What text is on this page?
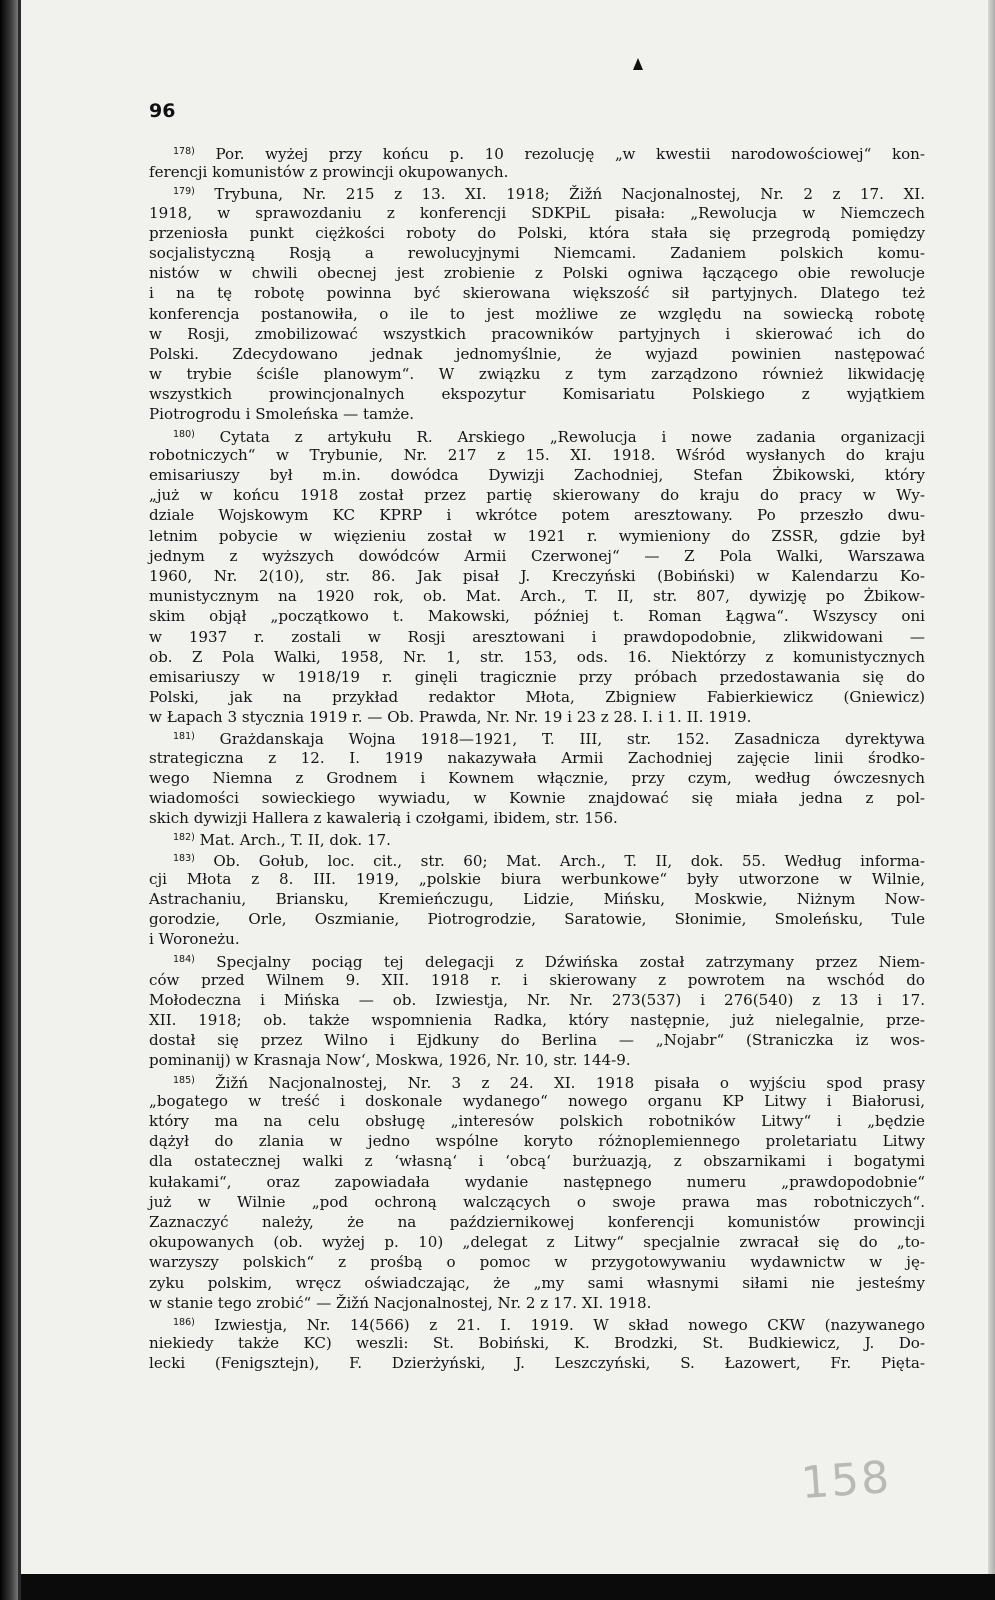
96
$^{178)}$ Por. wyżej przy końcu p. 10 rezolucję „w kwestii narodowościowej“ kon-
ferencji komunistów z prowincji okupowanych.
$^{179)}$ Trybuna, Nr. 215 z 13. XI. 1918; Žižń Nacjonalnostej, Nr. 2 z 17. XI.
1918, w sprawozdaniu z konferencji SDKPiL pisała: „Rewolucja w Niemczech
przeniosła punkt ciężkości roboty do Polski, która stała się przegrodą pomiędzy
socjalistyczną Rosją a rewolucyjnymi Niemcami. Zadaniem polskich komu-
nistów w chwili obecnej jest zrobienie z Polski ogniwa łączącego obie rewolucje
i na tę robotę powinna być skierowana większość sił partyjnych. Dlatego też
konferencja postanowiła, o ile to jest możliwe ze względu na sowiecką robotę
w Rosji, zmobilizować wszystkich pracowników partyjnych i skierować ich do
Polski. Zdecydowano jednak jednomyślnie, że wyjazd powinien następować
w trybie ściśle planowym“. W związku z tym zarządzono również likwidację
wszystkich prowincjonalnych ekspozytur Komisariatu Polskiego z wyjątkiem
Piotrogrodu i Smoleńska — tamże.
$^{180)}$ Cytata z artykułu R. Arskiego „Rewolucja i nowe zadania organizacji
robotniczych“ w Trybunie, Nr. 217 z 15. XI. 1918. Wśród wysłanych do kraju
emisariuszy był m.in. dowódca Dywizji Zachodniej, Stefan Żbikowski, który
„już w końcu 1918 został przez partię skierowany do kraju do pracy w Wy-
dziale Wojskowym KC KPRP i wkrótce potem aresztowany. Po przeszło dwu-
letnim pobycie w więzieniu został w 1921 r. wymieniony do ZSSR, gdzie był
jednym z wyższych dowódców Armii Czerwonej“ — Z Pola Walki, Warszawa
1960, Nr. 2(10), str. 86. Jak pisał J. Kreczyński (Bobiński) w Kalendarzu Ko-
munistycznym na 1920 rok, ob. Mat. Arch., T. II, str. 807, dywizję po Żbikow-
skim objął „początkowo t. Makowski, później t. Roman Łągwa“. Wszyscy oni
w 1937 r. zostali w Rosji aresztowani i prawdopodobnie, zlikwidowani —
ob. Z Pola Walki, 1958, Nr. 1, str. 153, ods. 16. Niektórzy z komunistycznych
emisariuszy w 1918/19 r. ginęli tragicznie przy próbach przedostawania się do
Polski, jak na przykład redaktor Młota, Zbigniew Fabierkiewicz (Gniewicz)
w Łapach 3 stycznia 1919 r. — Ob. Prawda, Nr. Nr. 19 i 23 z 28. I. i 1. II. 1919.
$^{181)}$ Grażdanskaja Wojna 1918—1921, T. III, str. 152. Zasadnicza dyrektywa
strategiczna z 12. I. 1919 nakazywała Armii Zachodniej zajęcie linii środko-
wego Niemna z Grodnem i Kownem włącznie, przy czym, według ówczesnych
wiadomości sowieckiego wywiadu, w Kownie znajdować się miała jedna z pol-
skich dywizji Hallera z kawalerią i czołgami, ibidem, str. 156.
$^{182)}$ Mat. Arch., T. II, dok. 17.
$^{183)}$ Ob. Gołub, loc. cit., str. 60; Mat. Arch., T. II, dok. 55. Według informa-
cji Młota z 8. III. 1919, „polskie biura werbunkowe“ były utworzone w Wilnie,
Astrachaniu, Briansku, Kremieńczugu, Lidzie, Mińsku, Moskwie, Niżnym Now-
gorodzie, Orle, Oszmianie, Piotrogrodzie, Saratowie, Słonimie, Smoleńsku, Tule
i Woroneżu.
$^{184)}$ Specjalny pociąg tej delegacji z Dźwińska został zatrzymany przez Niem-
ców przed Wilnem 9. XII. 1918 r. i skierowany z powrotem na wschód do
Mołodeczna i Mińska — ob. Izwiestja, Nr. Nr. 273(537) i 276(540) z 13 i 17.
XII. 1918; ob. także wspomnienia Radka, który następnie, już nielegalnie, prze-
dostał się przez Wilno i Ejdkuny do Berlina — „Nojabr“ (Straniczka iz wos-
pominanij) w Krasnaja Now‘, Moskwa, 1926, Nr. 10, str. 144-9.
$^{185)}$ Žižń Nacjonalnostej, Nr. 3 z 24. XI. 1918 pisała o wyjściu spod prasy
„bogatego w treść i doskonale wydanego“ nowego organu KP Litwy i Białorusi,
który ma na celu obsługę „interesów polskich robotników Litwy“ i „będzie
dążył do zlania w jedno wspólne koryto różnoplemiennego proletariatu Litwy
dla ostatecznej walki z ‘własną‘ i ‘obcą‘ burżuazją, z obszarnikami i bogatymi
kułakami“, oraz zapowiadała wydanie następnego numeru „prawdopodobnie“
już w Wilnie „pod ochroną walczących o swoje prawa mas robotniczych“.
Zaznaczyć należy, że na październikowej konferencji komunistów prowincji
okupowanych (ob. wyżej p. 10) „delegat z Litwy“ specjalnie zwracał się do „to-
warzyszy polskich“ z prośbą o pomoc w przygotowywaniu wydawnictw w ję-
zyku polskim, wręcz oświadczając, że „my sami własnymi siłami nie jesteśmy
w stanie tego zrobić“ — Žižń Nacjonalnostej, Nr. 2 z 17. XI. 1918.
$^{186)}$ Izwiestja, Nr. 14(566) z 21. I. 1919. W skład nowego CKW (nazywanego
niekiedy także KC) weszli: St. Bobiński, K. Brodzki, St. Budkiewicz, J. Do-
lecki (Fenigsztejn), F. Dzierżyński, J. Leszczyński, S. Łazowert, Fr. Pięta-
158
